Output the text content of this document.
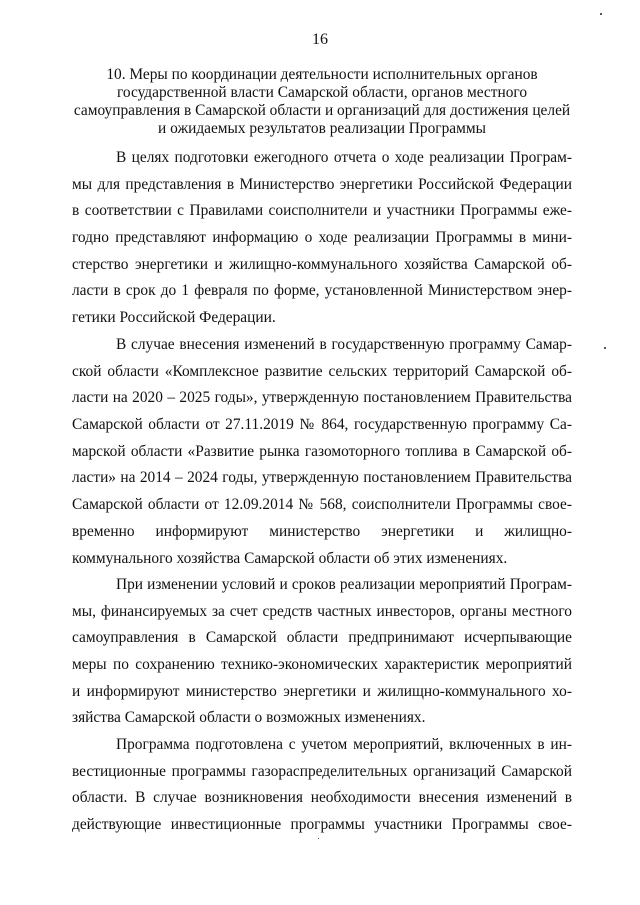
16
10. Меры по координации деятельности исполнительных органов
государственной власти Самарской области, органов местного
самоуправления в Самарской области и организаций для достижения целей
и ожидаемых результатов реализации Программы
В целях подготовки ежегодного отчета о ходе реализации Програм-
мы для представления в Министерство энергетики Российской Федерации
в соответствии с Правилами соисполнители и участники Программы еже-
годно представляют информацию о ходе реализации Программы в мини-
стерство энергетики и жилищно-коммунального хозяйства Самарской об-
ласти в срок до 1 февраля по форме, установленной Министерством энер-
гетики Российской Федерации.
В случае внесения изменений в государственную программу Самар-
ской области «Комплексное развитие сельских территорий Самарской об-
ласти на 2020 – 2025 годы», утвержденную постановлением Правительства
Самарской области от 27.11.2019 № 864, государственную программу Са-
марской области «Развитие рынка газомоторного топлива в Самарской об-
ласти» на 2014 – 2024 годы, утвержденную постановлением Правительства
Самарской области от 12.09.2014 № 568, соисполнители Программы свое-
временно информируют министерство энергетики и жилищно-
коммунального хозяйства Самарской области об этих изменениях.
При изменении условий и сроков реализации мероприятий Програм-
мы, финансируемых за счет средств частных инвесторов, органы местного
самоуправления в Самарской области предпринимают исчерпывающие
меры по сохранению технико-экономических характеристик мероприятий
и информируют министерство энергетики и жилищно-коммунального хо-
зяйства Самарской области о возможных изменениях.
Программа подготовлена с учетом мероприятий, включенных в ин-
вестиционные программы газораспределительных организаций Самарской
области. В случае возникновения необходимости внесения изменений в
действующие инвестиционные программы участники Программы свое-
